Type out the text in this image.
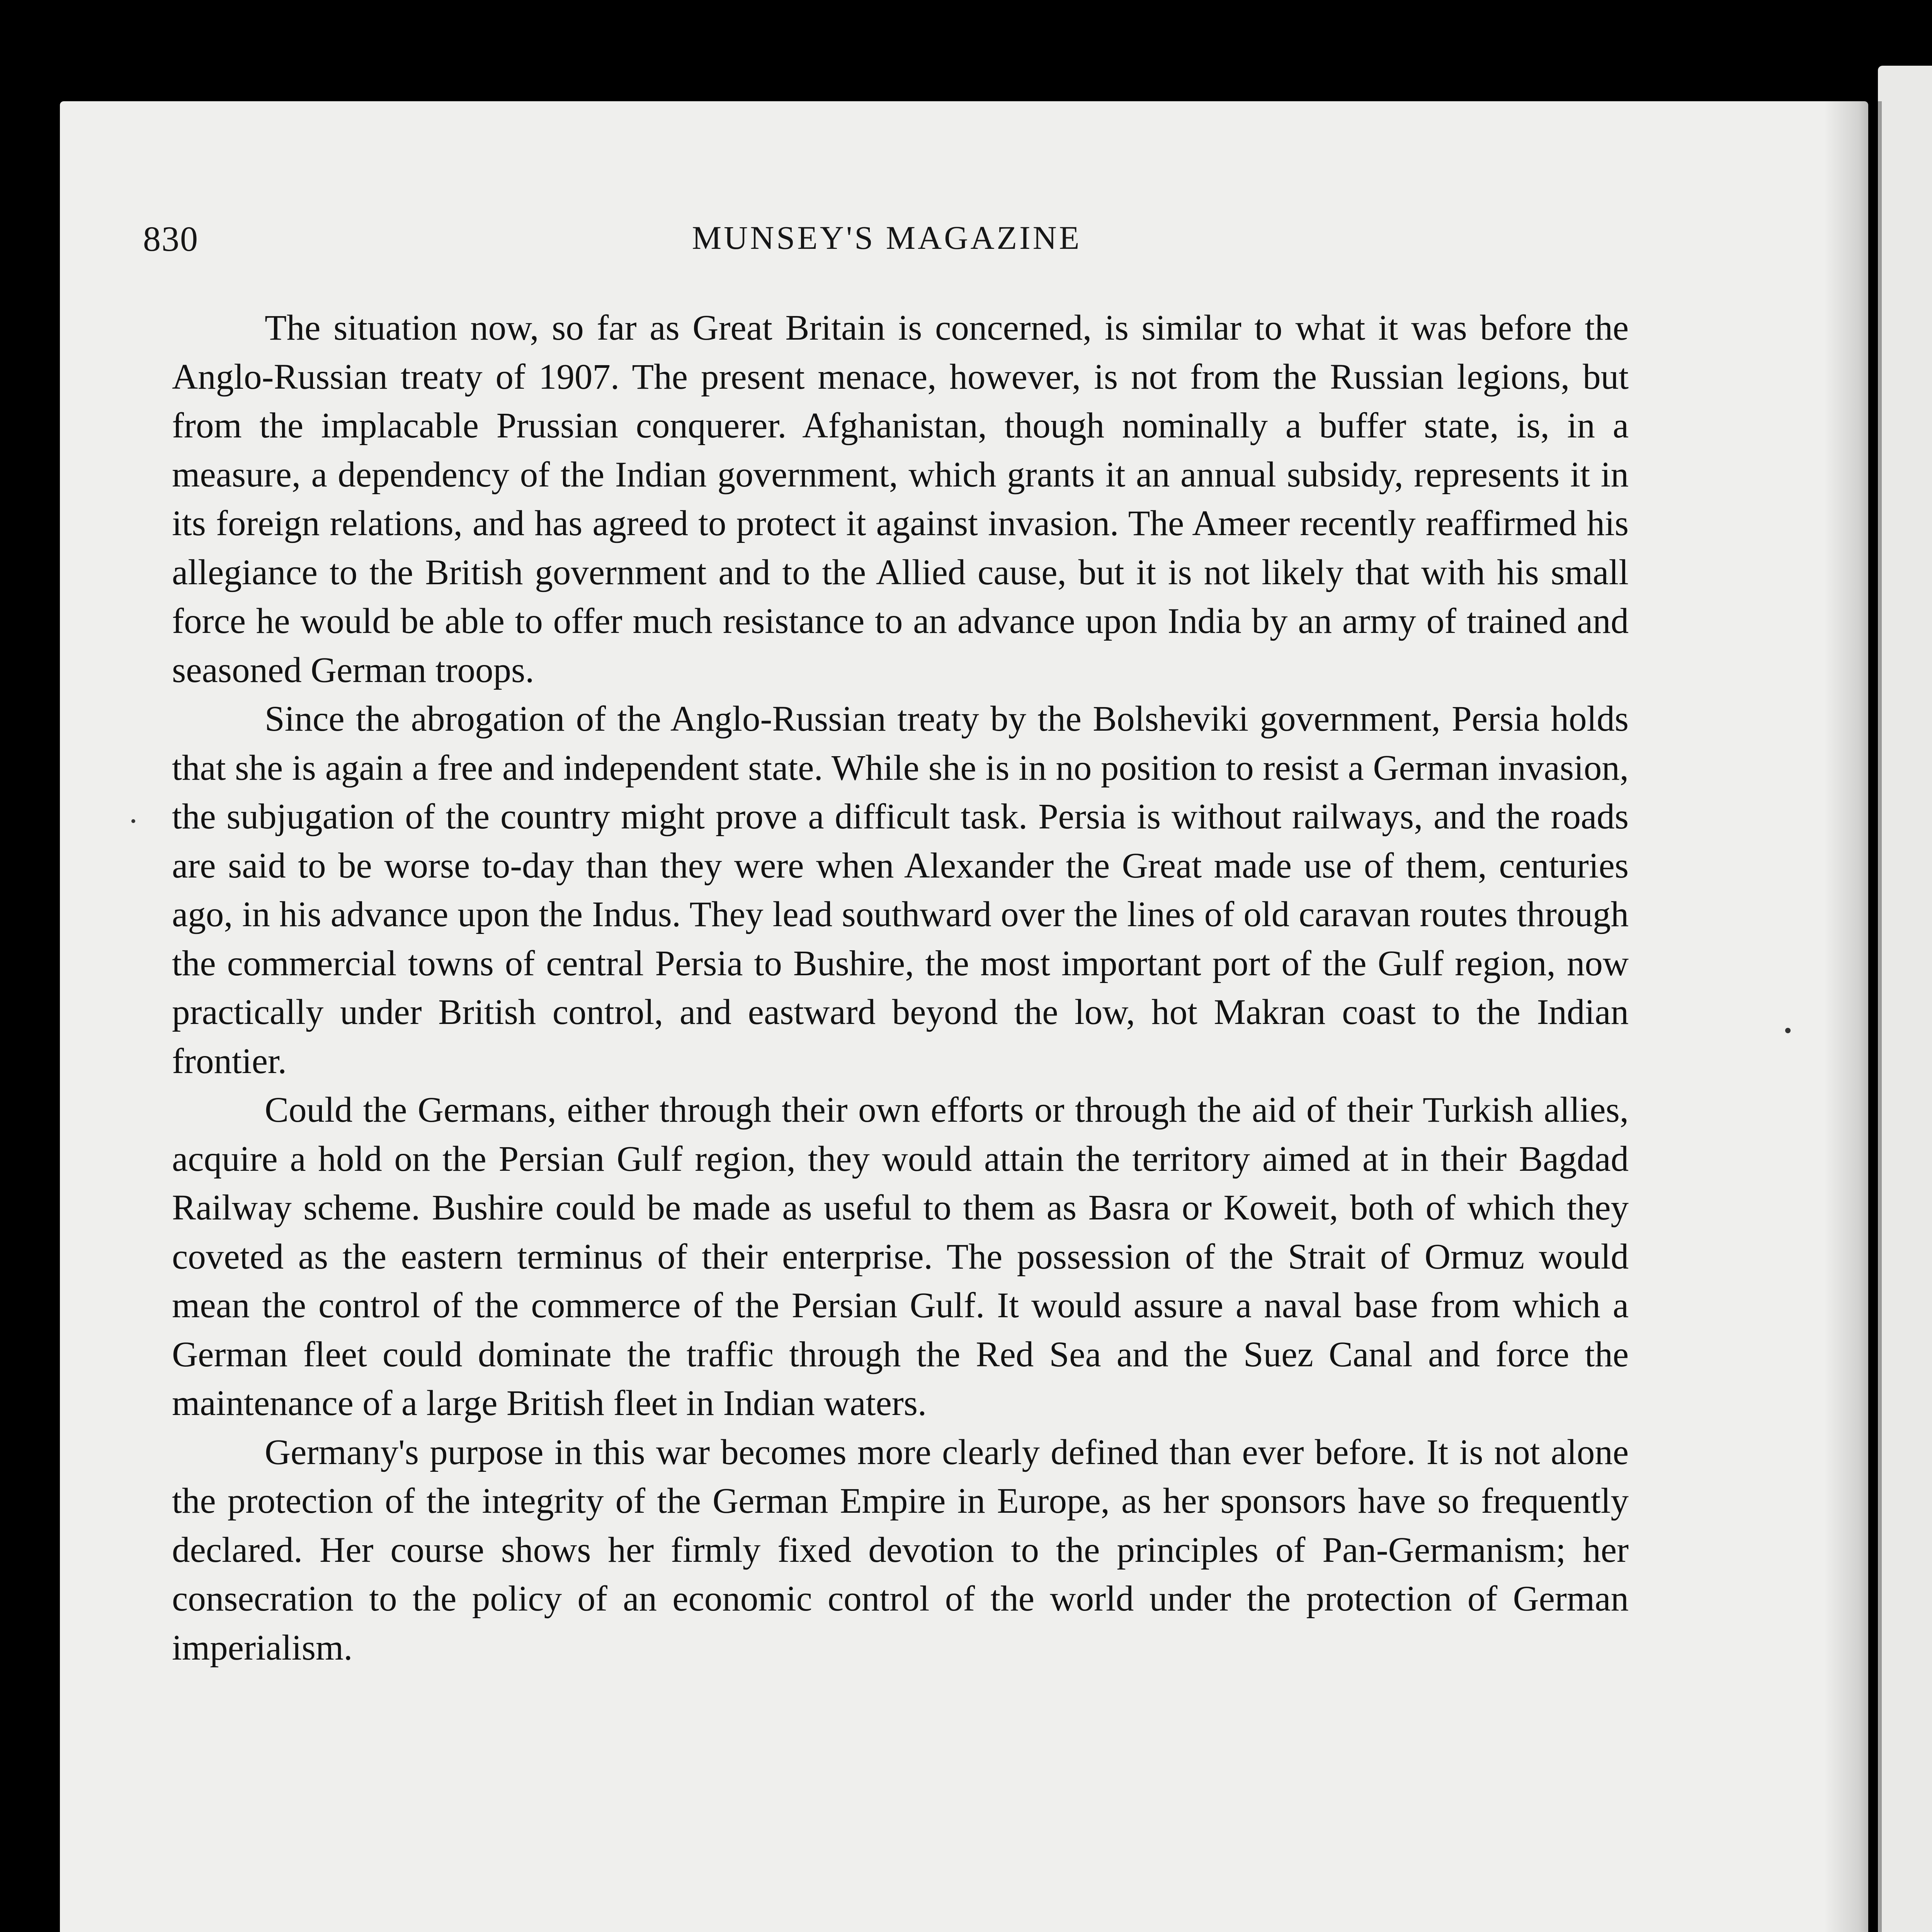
830	MUNSEY'S MAGAZINE

The situation now, so far as Great Britain is concerned, is similar to what it was before the Anglo-Russian treaty of 1907. The present menace, however, is not from the Russian legions, but from the implacable Prussian conquerer. Afghanistan, though nominally a buffer state, is, in a measure, a dependency of the Indian government, which grants it an annual subsidy, represents it in its foreign relations, and has agreed to protect it against invasion. The Ameer recently reaffirmed his allegiance to the British government and to the Allied cause, but it is not likely that with his small force he would be able to offer much resistance to an advance upon India by an army of trained and seasoned German troops.

Since the abrogation of the Anglo-Russian treaty by the Bolsheviki government, Persia holds that she is again a free and independent state. While she is in no position to resist a German invasion, the subjugation of the country might prove a difficult task. Persia is without railways, and the roads are said to be worse to-day than they were when Alexander the Great made use of them, centuries ago, in his advance upon the Indus. They lead southward over the lines of old caravan routes through the commercial towns of central Persia to Bushire, the most important port of the Gulf region, now practically under British control, and eastward beyond the low, hot Makran coast to the Indian frontier.

Could the Germans, either through their own efforts or through the aid of their Turkish allies, acquire a hold on the Persian Gulf region, they would attain the territory aimed at in their Bagdad Railway scheme. Bushire could be made as useful to them as Basra or Koweit, both of which they coveted as the eastern terminus of their enterprise. The possession of the Strait of Ormuz would mean the control of the commerce of the Persian Gulf. It would assure a naval base from which a German fleet could dominate the traffic through the Red Sea and the Suez Canal and force the maintenance of a large British fleet in Indian waters.

Germany's purpose in this war becomes more clearly defined than ever before. It is not alone the protection of the integrity of the German Empire in Europe, as her sponsors have so frequently declared. Her course shows her firmly fixed devotion to the principles of Pan-Germanism; her consecration to the policy of an economic control of the world under the protection of German imperialism.
